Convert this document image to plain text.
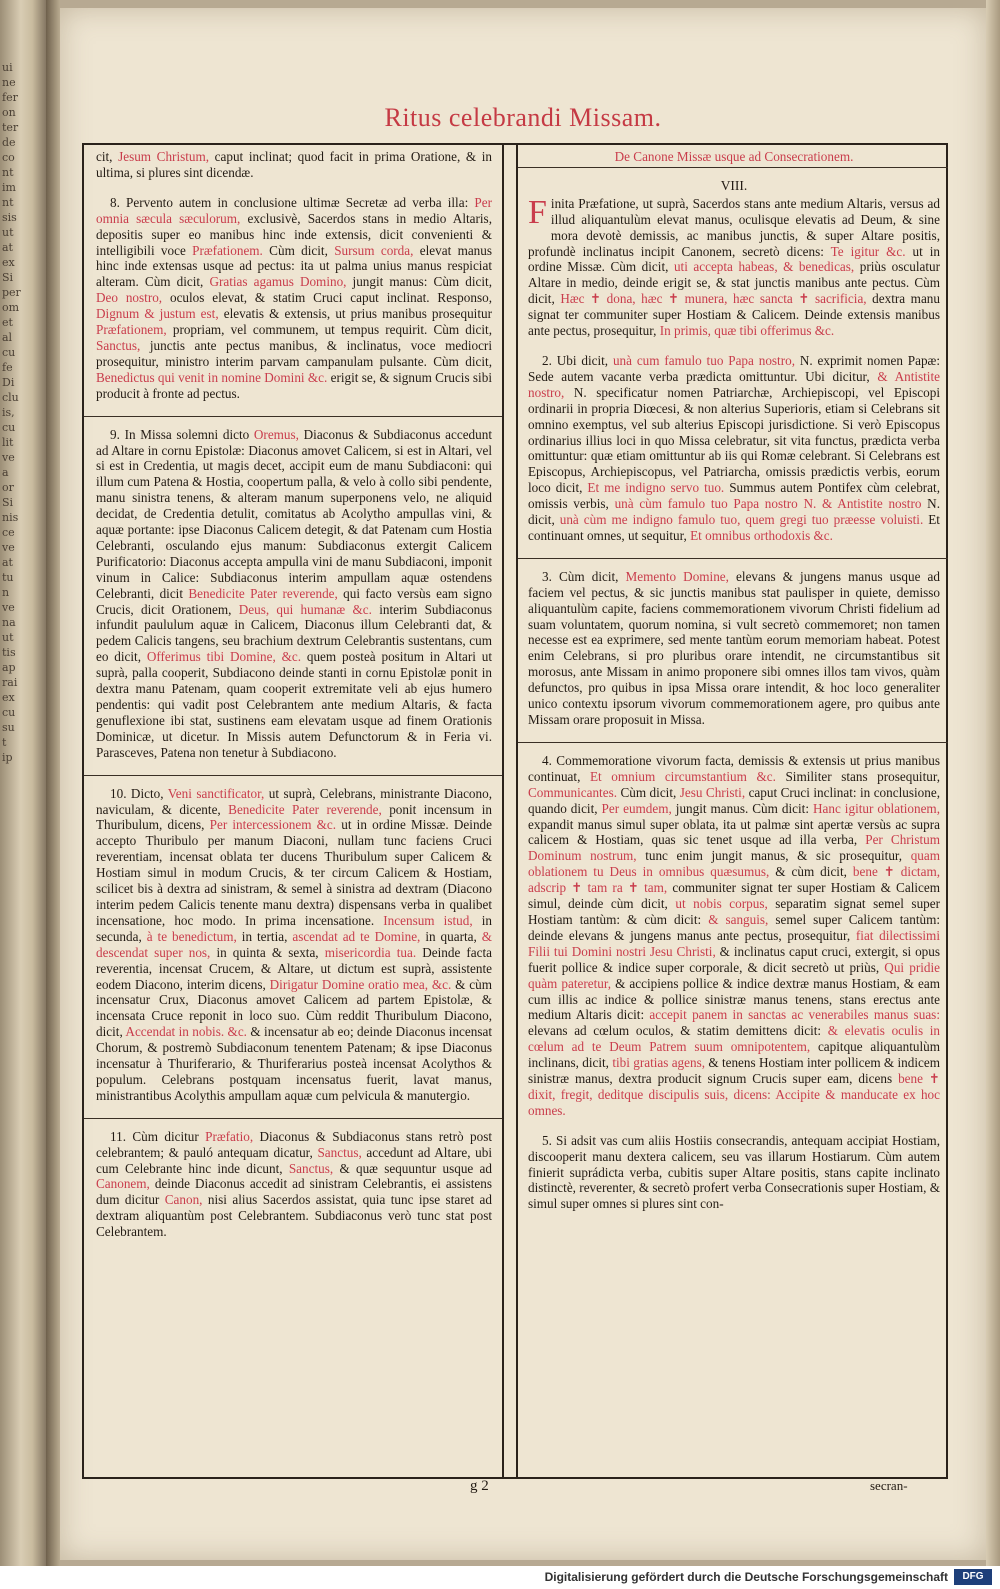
ui
ne
fer
on
ter
de
co
nt
im
nt
sis
ut
at
ex
Si
per
om
et
al
cu
fe
Di
clu
is,
cu
lit
ve
a
or
Si
nis
ce
ve
at
tu
n
ve
na
ut
tis
ap
rai
ex
cu
su
t
ip
Ritus celebrandi Missam.

cit, Jesum Christum, caput inclinat; quod facit in prima Oratione, & in ultima, si plures sint dicendæ.

8. Pervento autem in conclusione ultimæ Secretæ ad verba illa: Per omnia sæcula sæculorum, exclusivè, Sacerdos stans in medio Altaris, depositis super eo manibus hinc inde extensis, dicit convenienti & intelligibili voce Præfationem. Cùm dicit, Sursum corda, elevat manus hinc inde extensas usque ad pectus: ita ut palma unius manus respiciat alteram. Cùm dicit, Gratias agamus Domino, jungit manus: Cùm dicit, Deo nostro, oculos elevat, & statim Cruci caput inclinat. Responso, Dignum & justum est, elevatis & extensis, ut prius manibus prosequitur Præfationem, propriam, vel communem, ut tempus requirit. Cùm dicit, Sanctus, junctis ante pectus manibus, & inclinatus, voce mediocri prosequitur, ministro interim parvam campanulam pulsante. Cùm dicit, Benedictus qui venit in nomine Domini &c. erigit se, & signum Crucis sibi producit à fronte ad pectus.

9. In Missa solemni dicto Oremus, Diaconus & Subdiaconus accedunt ad Altare in cornu Epistolæ: Diaconus amovet Calicem, si est in Altari, vel si est in Credentia, ut magis decet, accipit eum de manu Subdiaconi: qui illum cum Patena & Hostia, coopertum palla, & velo à collo sibi pendente, manu sinistra tenens, & alteram manum superponens velo, ne aliquid decidat, de Credentia detulit, comitatus ab Acolytho ampullas vini, & aquæ portante: ipse Diaconus Calicem detegit, & dat Patenam cum Hostia Celebranti, osculando ejus manum: Subdiaconus extergit Calicem Purificatorio: Diaconus accepta ampulla vini de manu Subdiaconi, imponit vinum in Calice: Subdiaconus interim ampullam aquæ ostendens Celebranti, dicit Benedicite Pater reverende, qui facto versùs eam signo Crucis, dicit Orationem, Deus, qui humanæ &c. interim Subdiaconus infundit paululum aquæ in Calicem, Diaconus illum Celebranti dat, & pedem Calicis tangens, seu brachium dextrum Celebrantis sustentans, cum eo dicit, Offerimus tibi Domine, &c. quem posteà positum in Altari ut suprà, palla cooperit, Subdiacono deinde stanti in cornu Epistolæ ponit in dextra manu Patenam, quam cooperit extremitate veli ab ejus humero pendentis: qui vadit post Celebrantem ante medium Altaris, & facta genuflexione ibi stat, sustinens eam elevatam usque ad finem Orationis Dominicæ, ut dicetur. In Missis autem Defunctorum & in Feria vi. Parasceves, Patena non tenetur à Subdiacono.

10. Dicto, Veni sanctificator, ut suprà, Celebrans, ministrante Diacono, naviculam, & dicente, Benedicite Pater reverende, ponit incensum in Thuribulum, dicens, Per intercessionem &c. ut in ordine Missæ. Deinde accepto Thuribulo per manum Diaconi, nullam tunc faciens Cruci reverentiam, incensat oblata ter ducens Thuribulum super Calicem & Hostiam simul in modum Crucis, & ter circum Calicem & Hostiam, scilicet bis à dextra ad sinistram, & semel à sinistra ad dextram (Diacono interim pedem Calicis tenente manu dextra) dispensans verba in qualibet incensatione, hoc modo. In prima incensatione. Incensum istud, in secunda, à te benedictum, in tertia, ascendat ad te Domine, in quarta, & descendat super nos, in quinta & sexta, misericordia tua. Deinde facta reverentia, incensat Crucem, & Altare, ut dictum est suprà, assistente eodem Diacono, interim dicens, Dirigatur Domine oratio mea, &c. & cùm incensatur Crux, Diaconus amovet Calicem ad partem Epistolæ, & incensata Cruce reponit in loco suo. Cùm reddit Thuribulum Diacono, dicit, Accendat in nobis. &c. & incensatur ab eo; deinde Diaconus incensat Chorum, & postremò Subdiaconum tenentem Patenam; & ipse Diaconus incensatur à Thuriferario, & Thuriferarius posteà incensat Acolythos & populum. Celebrans postquam incensatus fuerit, lavat manus, ministrantibus Acolythis ampullam aquæ cum pelvicula & manutergio.

11. Cùm dicitur Præfatio, Diaconus & Subdiaconus stans retrò post celebrantem; & pauló antequam dicatur, Sanctus, accedunt ad Altare, ubi cum Celebrante hinc inde dicunt, Sanctus, & quæ sequuntur usque ad Canonem, deinde Diaconus accedit ad sinistram Celebrantis, ei assistens dum dicitur Canon, nisi alius Sacerdos assistat, quia tunc ipse staret ad dextram aliquantùm post Celebrantem. Subdiaconus verò tunc stat post Celebrantem.

De Canone Missæ usque ad Consecrationem.

VIII.

Finita Præfatione, ut suprà, Sacerdos stans ante medium Altaris, versus ad illud aliquantulùm elevat manus, oculisque elevatis ad Deum, & sine mora devotè demissis, ac manibus junctis, & super Altare positis, profundè inclinatus incipit Canonem, secretò dicens: Te igitur &c. ut in ordine Missæ. Cùm dicit, uti accepta habeas, & benedicas, priùs osculatur Altare in medio, deinde erigit se, & stat junctis manibus ante pectus. Cùm dicit, Hæc ✝ dona, hæc ✝ munera, hæc sancta ✝ sacrificia, dextra manu signat ter communiter super Hostiam & Calicem. Deinde extensis manibus ante pectus, prosequitur, In primis, quæ tibi offerimus &c.

2. Ubi dicit, unà cum famulo tuo Papa nostro, N. exprimit nomen Papæ: Sede autem vacante verba prædicta omittuntur. Ubi dicitur, & Antistite nostro, N. specificatur nomen Patriarchæ, Archiepiscopi, vel Episcopi ordinarii in propria Diœcesi, & non alterius Superioris, etiam si Celebrans sit omnino exemptus, vel sub alterius Episcopi jurisdictione. Si verò Episcopus ordinarius illius loci in quo Missa celebratur, sit vita functus, prædicta verba omittuntur: quæ etiam omittuntur ab iis qui Romæ celebrant. Si Celebrans est Episcopus, Archiepiscopus, vel Patriarcha, omissis prædictis verbis, eorum loco dicit, Et me indigno servo tuo. Summus autem Pontifex cùm celebrat, omissis verbis, unà cùm famulo tuo Papa nostro N. & Antistite nostro N. dicit, unà cùm me indigno famulo tuo, quem gregi tuo præesse voluisti. Et continuant omnes, ut sequitur, Et omnibus orthodoxis &c.

3. Cùm dicit, Memento Domine, elevans & jungens manus usque ad faciem vel pectus, & sic junctis manibus stat paulisper in quiete, demisso aliquantulùm capite, faciens commemorationem vivorum Christi fidelium ad suam voluntatem, quorum nomina, si vult secretò commemoret; non tamen necesse est ea exprimere, sed mente tantùm eorum memoriam habeat. Potest enim Celebrans, si pro pluribus orare intendit, ne circumstantibus sit morosus, ante Missam in animo proponere sibi omnes illos tam vivos, quàm defunctos, pro quibus in ipsa Missa orare intendit, & hoc loco generaliter unico contextu ipsorum vivorum commemorationem agere, pro quibus ante Missam orare proposuit in Missa.

4. Commemoratione vivorum facta, demissis & extensis ut prius manibus continuat, Et omnium circumstantium &c. Similiter stans prosequitur, Communicantes. Cùm dicit, Jesu Christi, caput Cruci inclinat: in conclusione, quando dicit, Per eumdem, jungit manus. Cùm dicit: Hanc igitur oblationem, expandit manus simul super oblata, ita ut palmæ sint apertæ versùs ac supra calicem & Hostiam, quas sic tenet usque ad illa verba, Per Christum Dominum nostrum, tunc enim jungit manus, & sic prosequitur, quam oblationem tu Deus in omnibus quæsumus, & cùm dicit, bene ✝ dictam, adscrip ✝ tam ra ✝ tam, communiter signat ter super Hostiam & Calicem simul, deinde cùm dicit, ut nobis corpus, separatim signat semel super Hostiam tantùm: & cùm dicit: & sanguis, semel super Calicem tantùm: deinde elevans & jungens manus ante pectus, prosequitur, fiat dilectissimi Filii tui Domini nostri Jesu Christi, & inclinatus caput cruci, extergit, si opus fuerit pollice & indice super corporale, & dicit secretò ut priùs, Qui pridie quàm pateretur, & accipiens pollice & indice dextræ manus Hostiam, & eam cum illis ac indice & pollice sinistræ manus tenens, stans erectus ante medium Altaris dicit: accepit panem in sanctas ac venerabiles manus suas: elevans ad cœlum oculos, & statim demittens dicit: & elevatis oculis in cœlum ad te Deum Patrem suum omnipotentem, capitque aliquantulùm inclinans, dicit, tibi gratias agens, & tenens Hostiam inter pollicem & indicem sinistræ manus, dextra producit signum Crucis super eam, dicens bene ✝ dixit, fregit, deditque discipulis suis, dicens: Accipite & manducate ex hoc omnes.

5. Si adsit vas cum aliis Hostiis consecrandis, antequam accipiat Hostiam, discooperit manu dextera calicem, seu vas illarum Hostiarum. Cùm autem finierit suprádicta verba, cubitis super Altare positis, stans capite inclinato distinctè, reverenter, & secretò profert verba Consecrationis super Hostiam, & simul super omnes si plures sint con-

g 2	secran-
Digitalisierung gefördert durch die Deutsche Forschungsgemeinschaft	DFG
